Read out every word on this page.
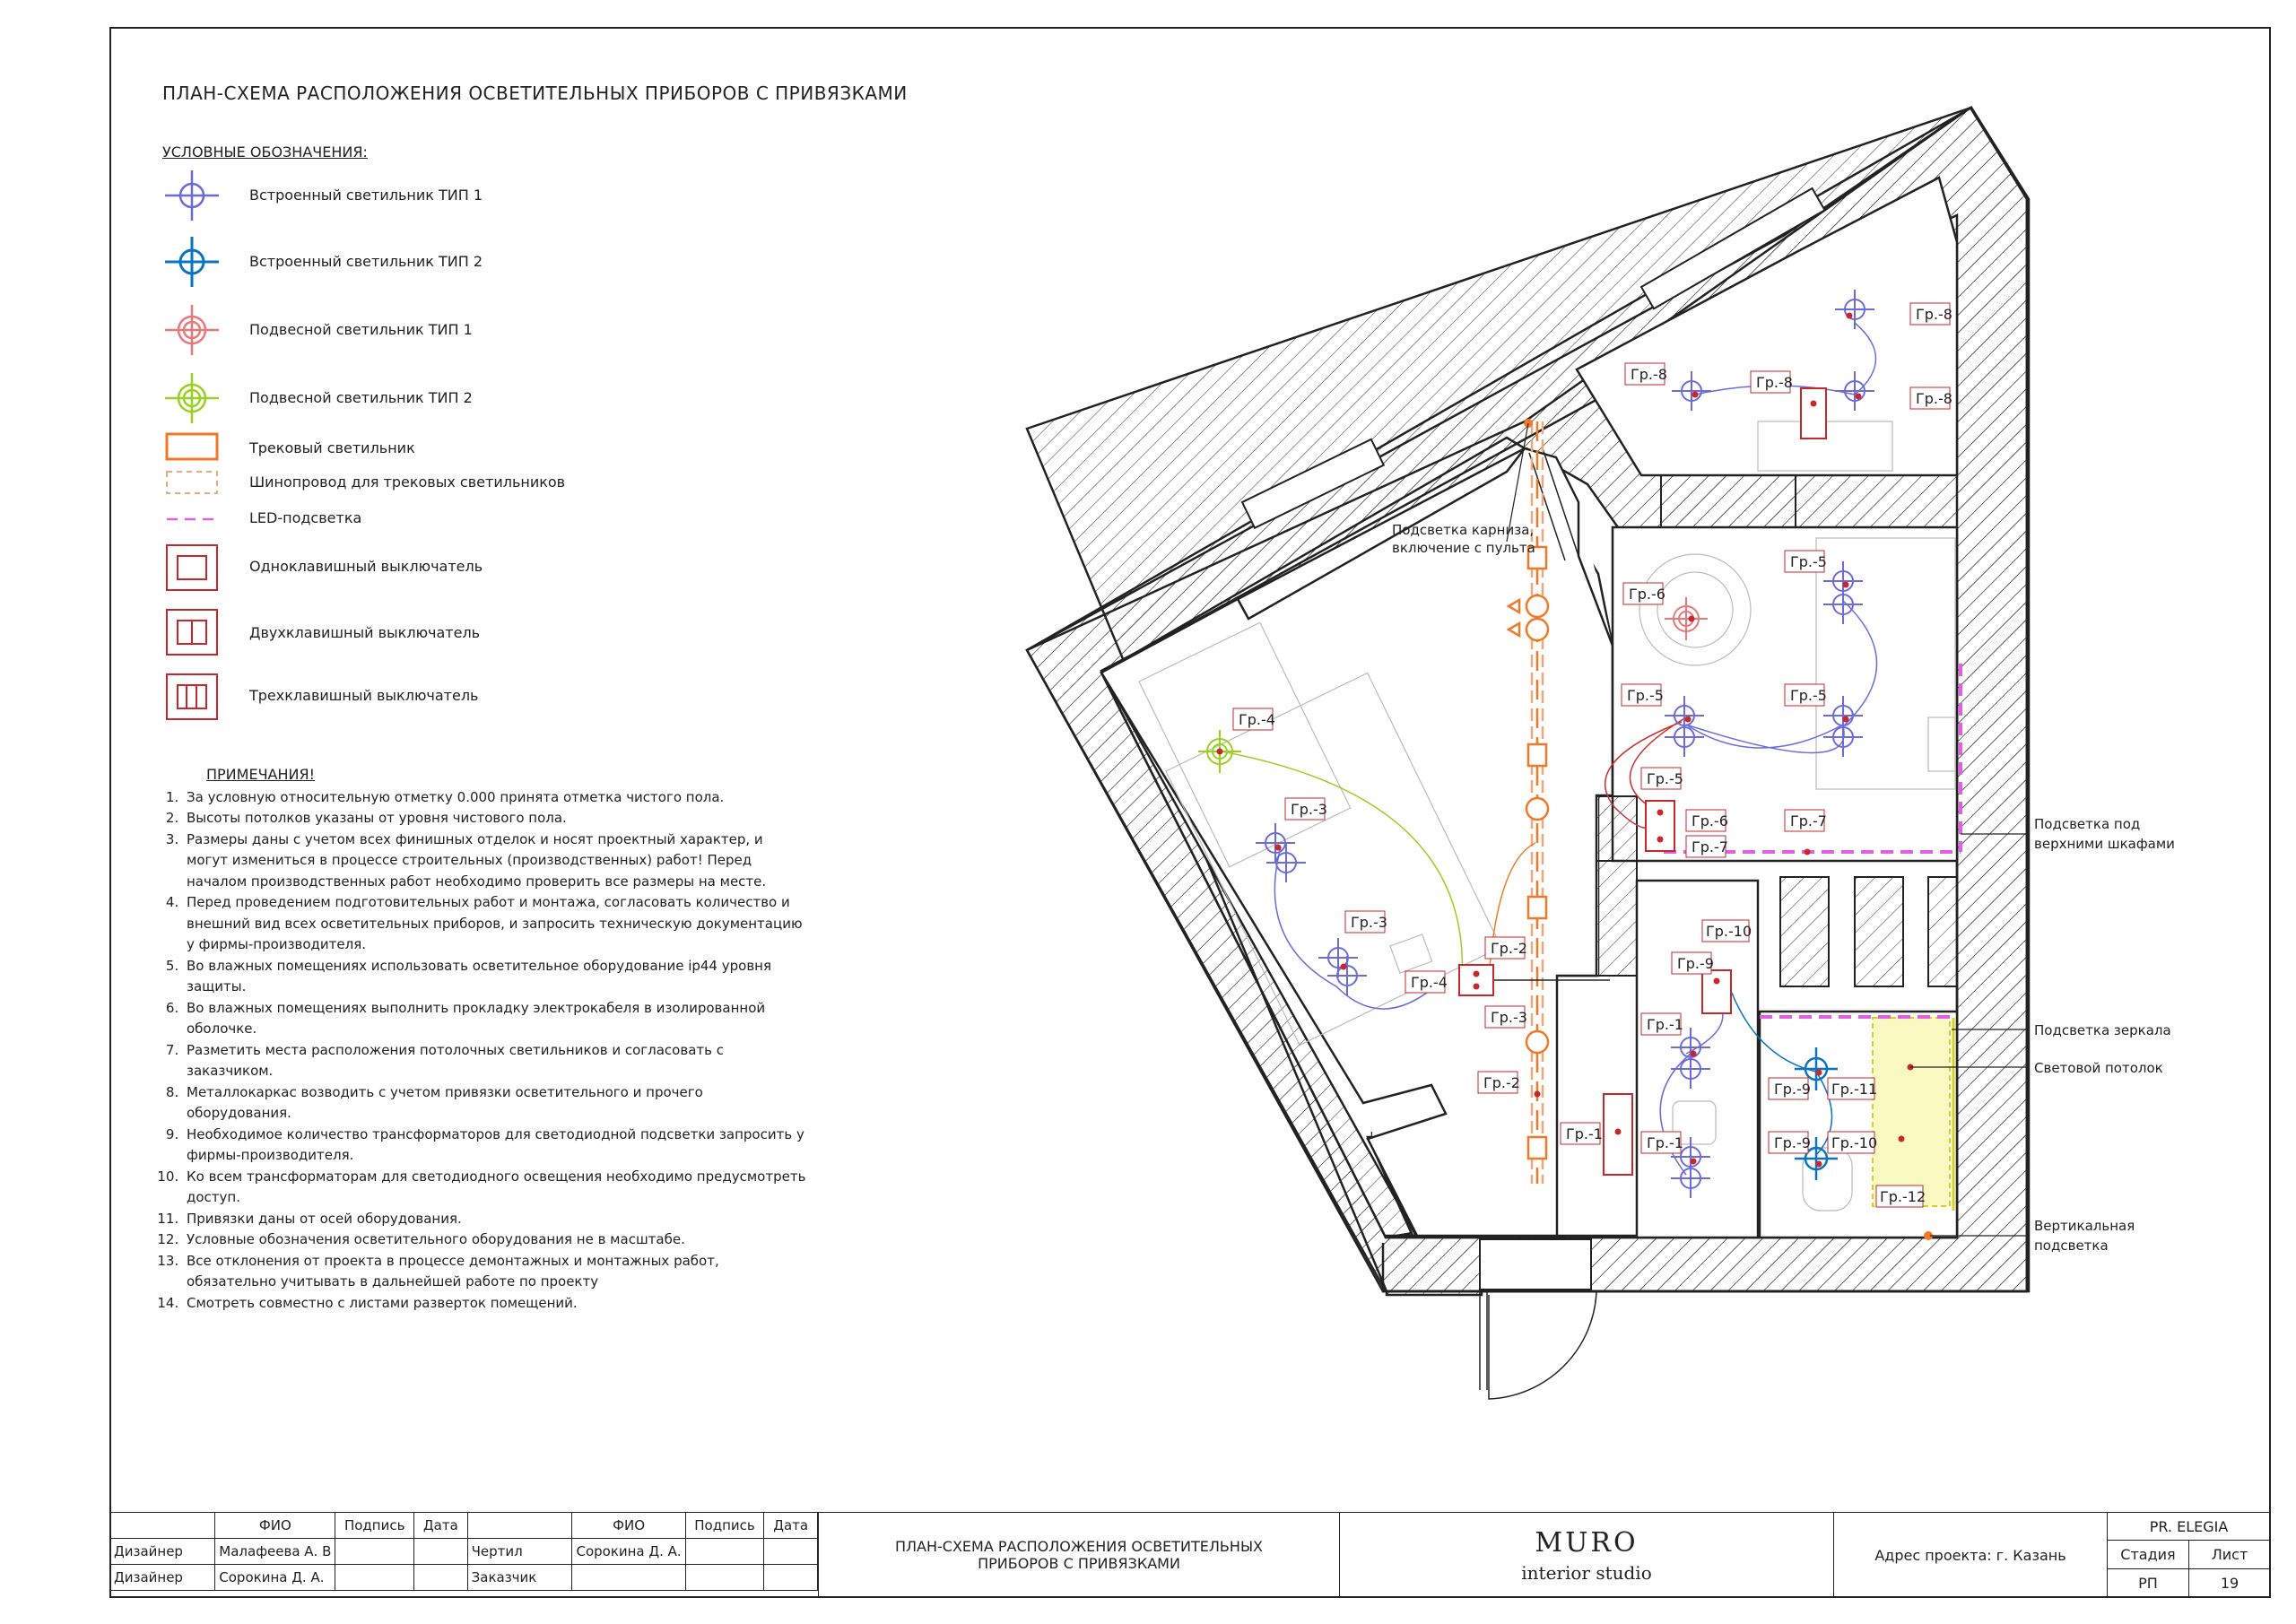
ПЛАН-СХЕМА РАСПОЛОЖЕНИЯ ОСВЕТИТЕЛЬНЫХ ПРИБОРОВ С ПРИВЯЗКАМИ
УСЛОВНЫЕ ОБОЗНАЧЕНИЯ:
Встроенный светильник ТИП 1
Встроенный светильник ТИП 2
Подвесной светильник ТИП 1
Подвесной светильник ТИП 2
Трековый светильник
Шинопровод для трековых светильников
LED-подсветка
Одноклавишный выключатель
Двухклавишный выключатель
Трехклавишный выключатель
ПРИМЕЧАНИЯ!
1. За условную относительную отметку 0.000 принята отметка чистого пола.
2. Высоты потолков указаны от уровня чистового пола.
3. Размеры даны с учетом всех финишных отделок и носят проектный характер, и могут измениться в процессе строительных (производственных) работ! Перед началом производственных работ необходимо проверить все размеры на месте.
4. Перед проведением подготовительных работ и монтажа, согласовать количество и внешний вид всех осветительных приборов, и запросить техническую документацию у фирмы-производителя.
5. Во влажных помещениях использовать осветительное оборудование ip44 уровня защиты.
6. Во влажных помещениях выполнить прокладку электрокабеля в изолированной оболочке.
7. Разметить места расположения потолочных светильников и согласовать с заказчиком.
8. Металлокаркас возводить с учетом привязки осветительного и прочего оборудования.
9. Необходимое количество трансформаторов для светодиодной подсветки запросить у фирмы-производителя.
10. Ко всем трансформаторам для светодиодного освещения необходимо предусмотреть доступ.
11. Привязки даны от осей оборудования.
12. Условные обозначения осветительного оборудования не в масштабе.
13. Все отклонения от проекта в процессе демонтажных и монтажных работ, обязательно учитывать в дальнейшей работе по проекту
14. Смотреть совместно с листами разверток помещений.
Гр.-4
Гр.-3
Гр.-3
Гр.-4
Гр.-2
Гр.-3
Гр.-2
Гр.-1
Гр.-1
Гр.-1
Гр.-9
Гр.-10
Гр.-9
Гр.-9
Гр.-11
Гр.-10
Гр.-12
Гр.-6
Гр.-5
Гр.-5
Гр.-5
Гр.-5
Гр.-6
Гр.-7
Гр.-7
Гр.-8	Гр.-8
Гр.-8
Гр.-8
Подсветка карниза,
включение с пульта
Подсветка под
верхними шкафами
Подсветка зеркала
Световой потолок
Вертикальная
подсветка
	ФИО	Подпись	Дата		ФИО	Подпись	Дата
Дизайнер	Малафеева А. В			Чертил	Сорокина Д. А.		
Дизайнер	Сорокина Д. А.			Заказчик			
ПЛАН-СХЕМА РАСПОЛОЖЕНИЯ ОСВЕТИТЕЛЬНЫХ ПРИБОРОВ С ПРИВЯЗКАМИ
MURO
interior studio
Адрес проекта: г. Казань
PR. ELEGIA
Стадия	Лист
РП	19
